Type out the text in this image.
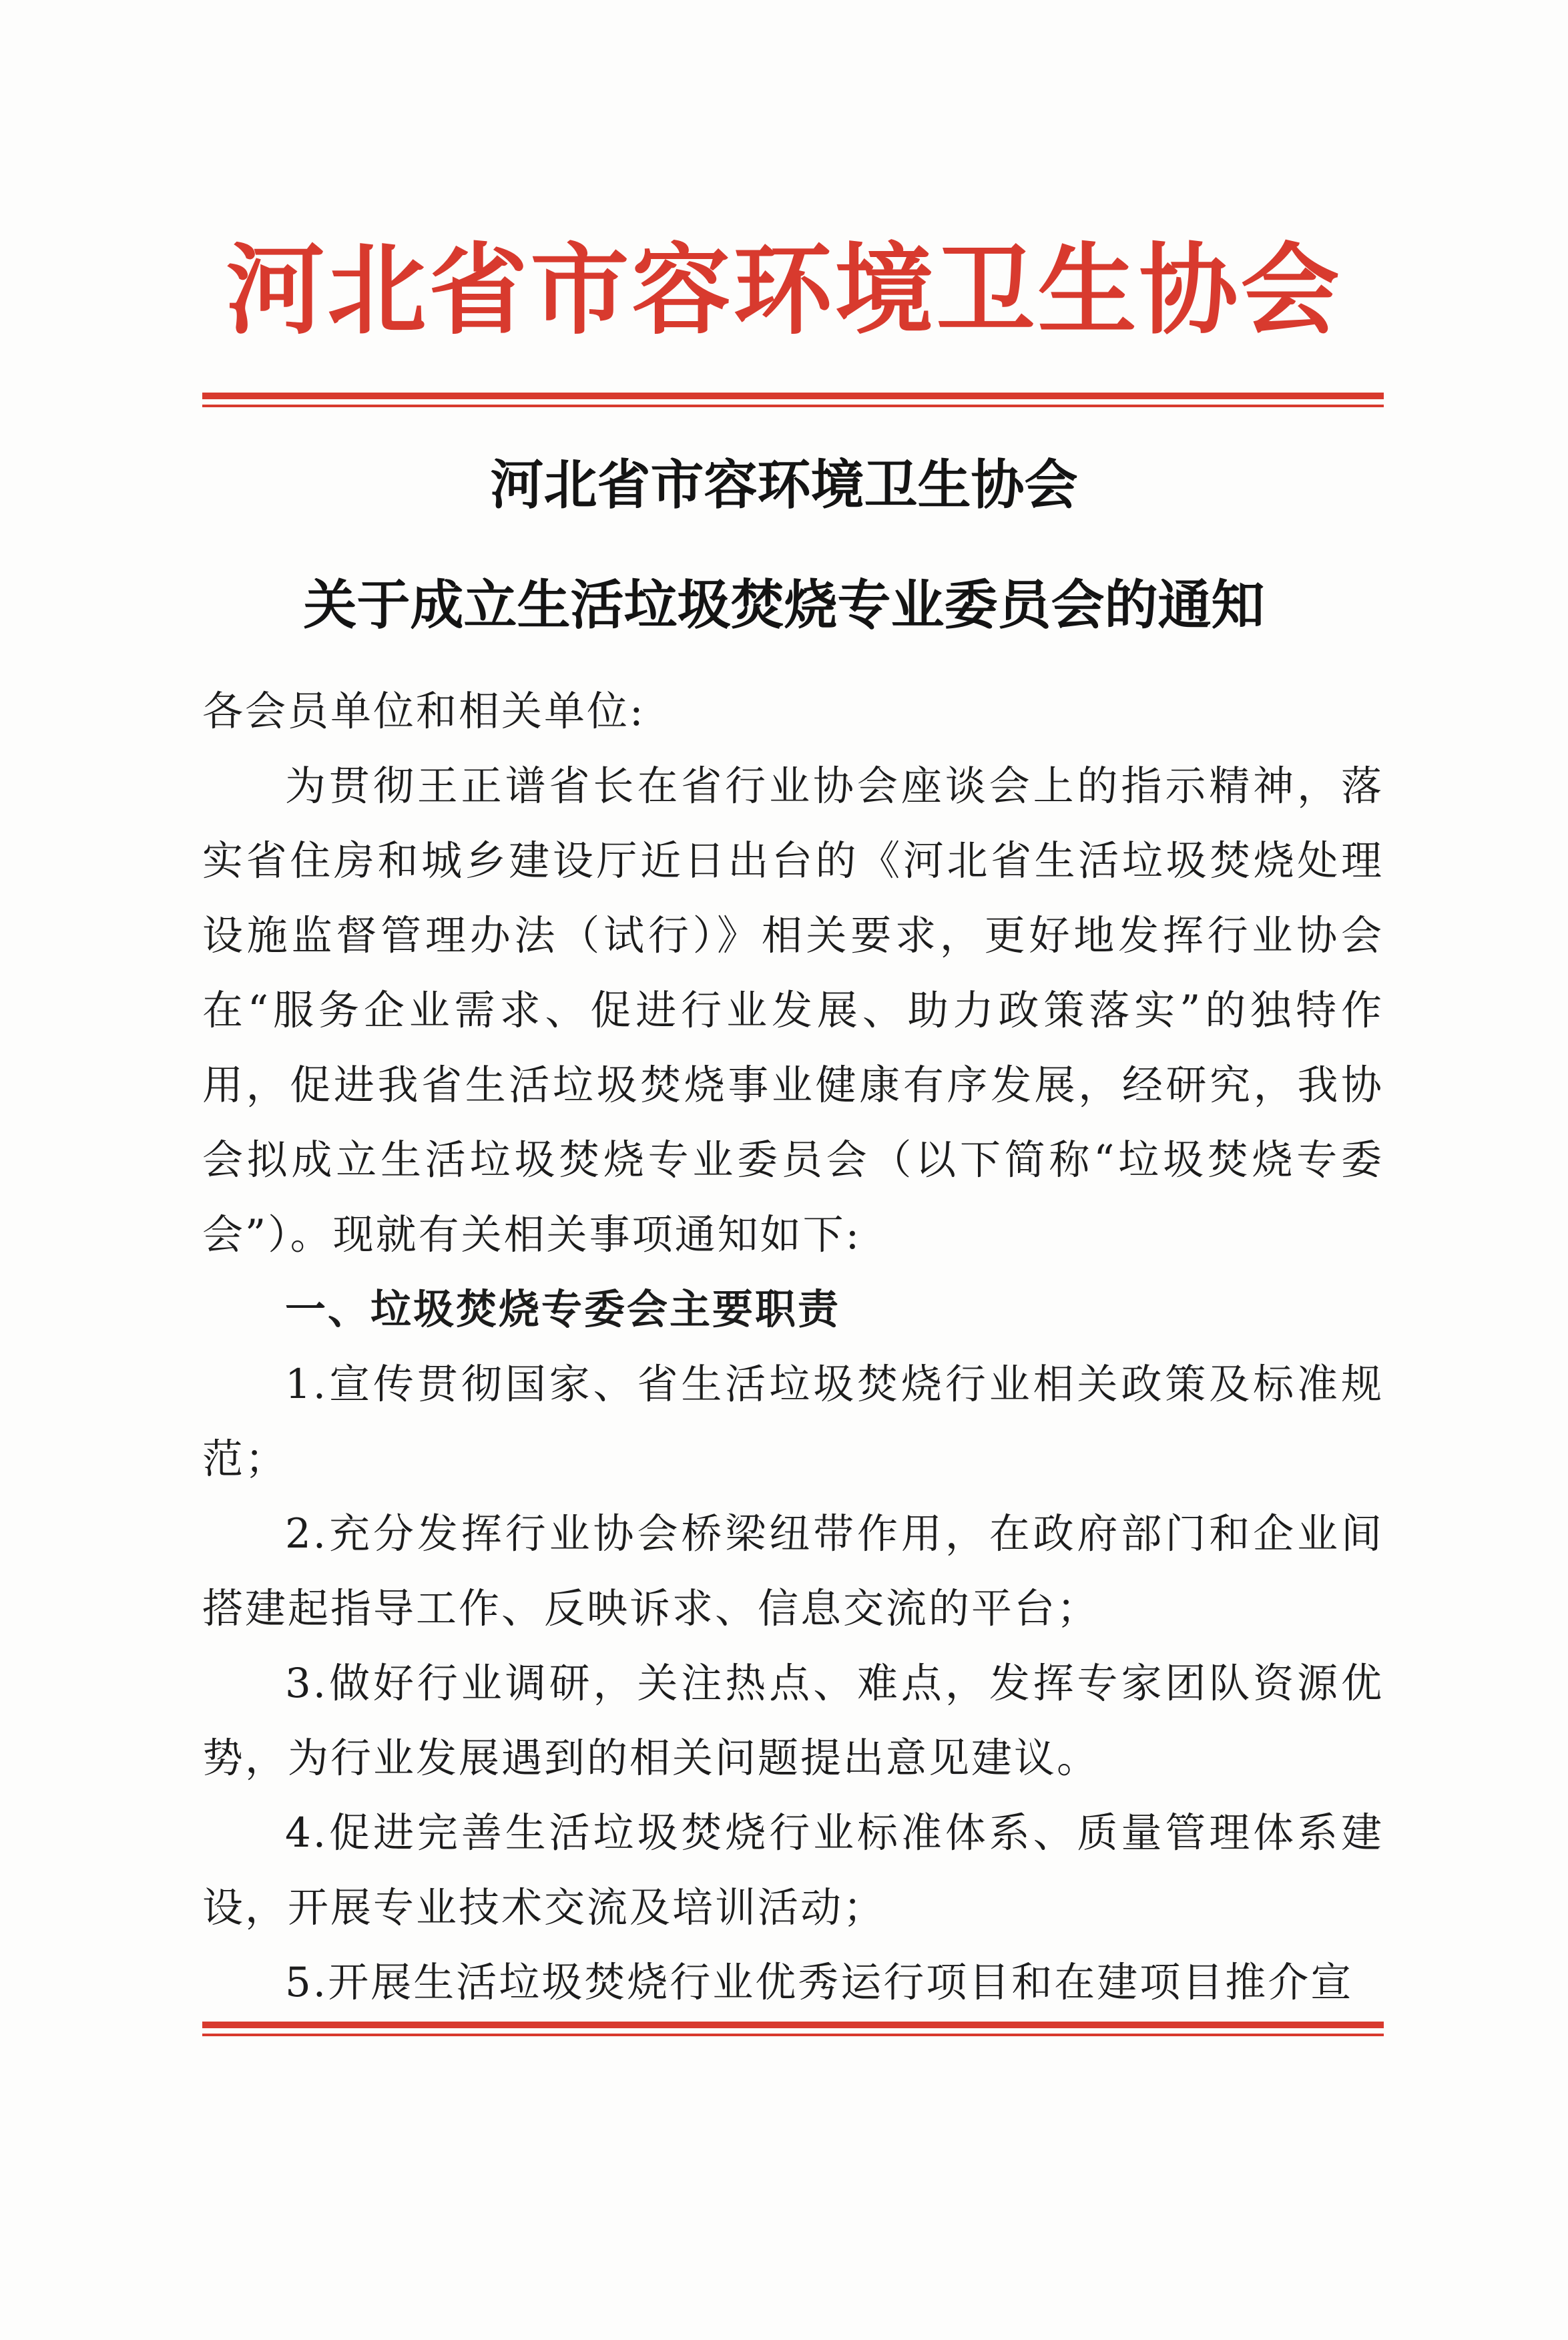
河北省市容环境卫生协会
河北省市容环境卫生协会
关于成立生活垃圾焚烧专业委员会的通知

各会员单位和相关单位:

为贯彻王正谱省长在省行业协会座谈会上的指示精神，落实省住房和城乡建设厅近日出台的《河北省生活垃圾焚烧处理设施监督管理办法（试行）》相关要求，更好地发挥行业协会在“服务企业需求、促进行业发展、助力政策落实”的独特作用，促进我省生活垃圾焚烧事业健康有序发展，经研究，我协会拟成立生活垃圾焚烧专业委员会（以下简称“垃圾焚烧专委会”）。现就有关相关事项通知如下:

一、垃圾焚烧专委会主要职责

1.宣传贯彻国家、省生活垃圾焚烧行业相关政策及标准规范；

2.充分发挥行业协会桥梁纽带作用，在政府部门和企业间搭建起指导工作、反映诉求、信息交流的平台；

3.做好行业调研，关注热点、难点，发挥专家团队资源优势，为行业发展遇到的相关问题提出意见建议。

4.促进完善生活垃圾焚烧行业标准体系、质量管理体系建设，开展专业技术交流及培训活动；

5.开展生活垃圾焚烧行业优秀运行项目和在建项目推介宣
